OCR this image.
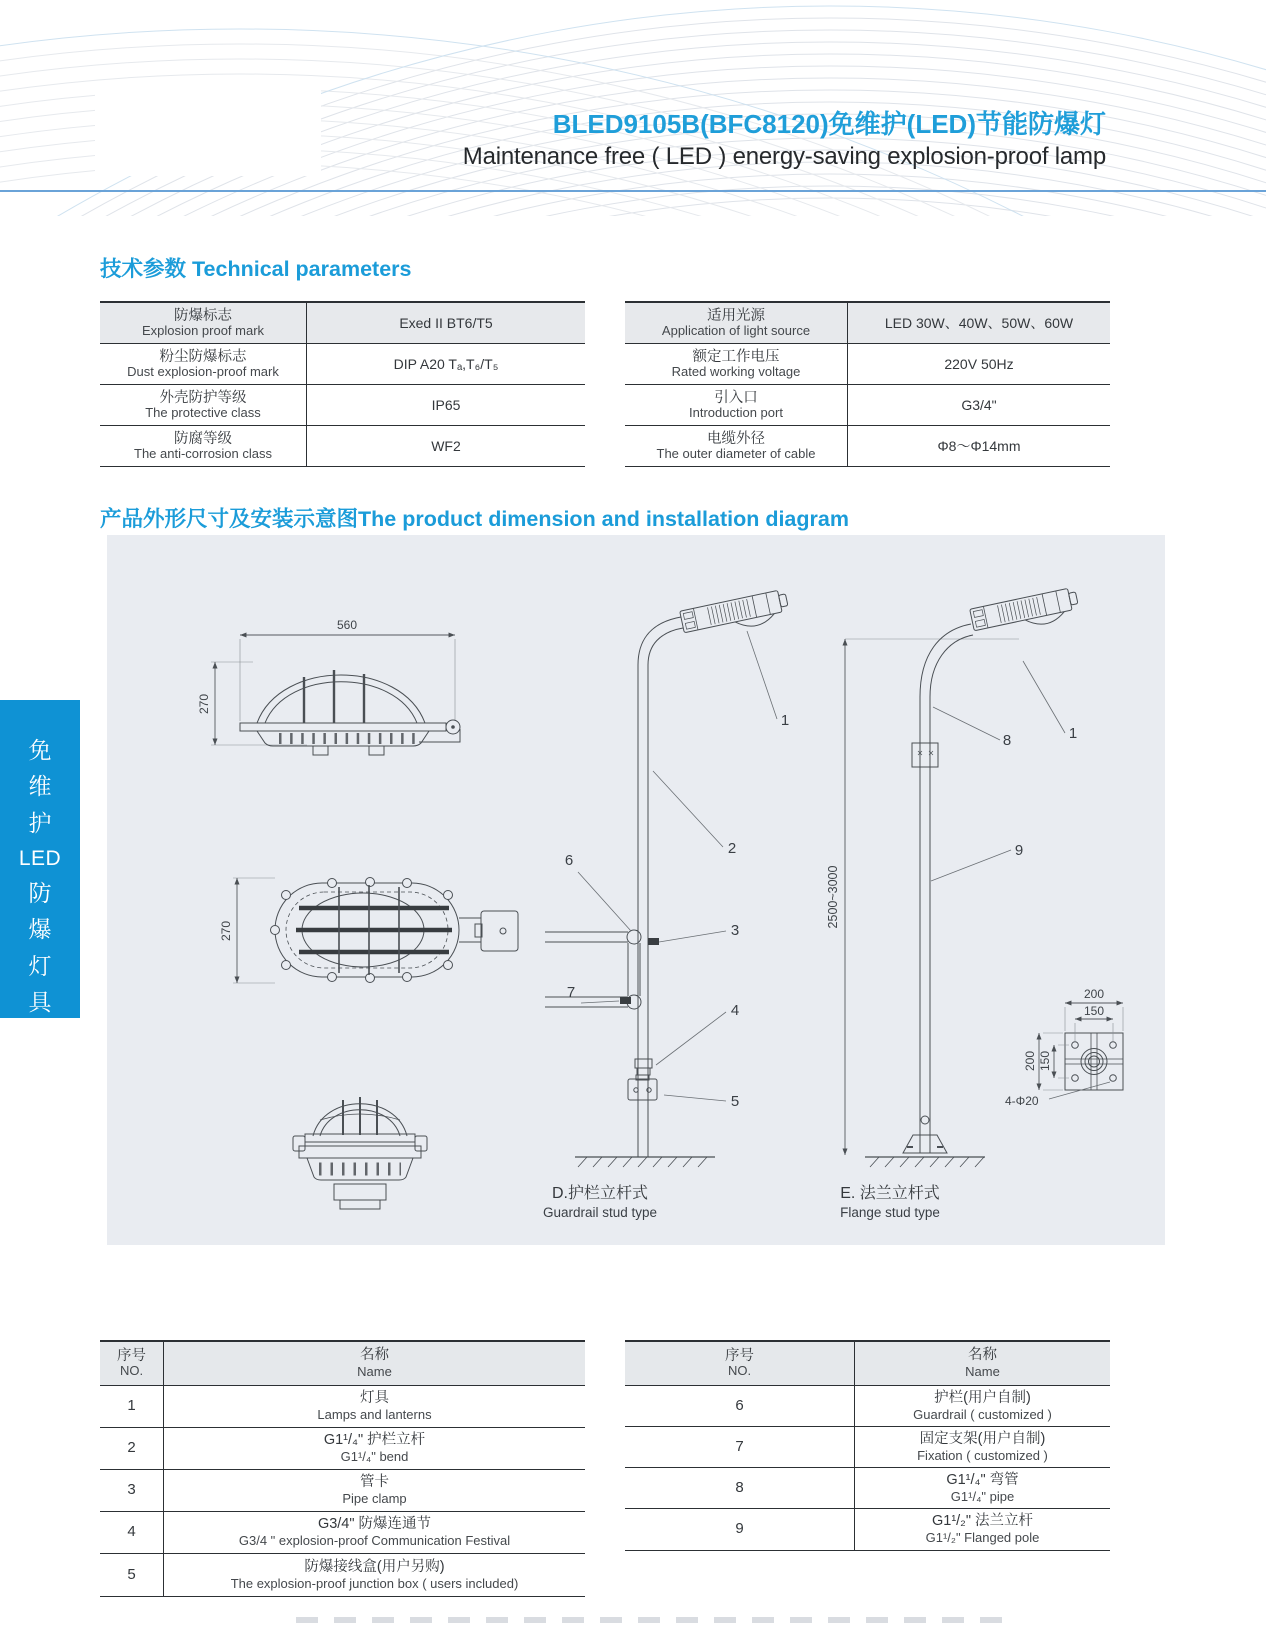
BLED9105B(BFC8120)免维护(LED)节能防爆灯
Maintenance free ( LED ) energy-saving explosion-proof lamp
技术参数 Technical parameters
防爆标志
Explosion proof mark	Exed II BT6/T5
粉尘防爆标志
Dust explosion-proof mark	DIP A20 Tₐ,T₆/T₅
外壳防护等级
The protective class	IP65
防腐等级
The anti-corrosion class	WF2
适用光源
Application of light source	LED 30W、40W、50W、60W
额定工作电压
Rated working voltage	220V 50Hz
引入口
Introduction port	G3/4"
电缆外径
The outer diameter of cable	Φ8～Φ14mm
产品外形尺寸及安装示意图The product dimension and installation diagram
560
270
270
1
2
3
4
5
6
7
D.护栏立杆式
Guardrail stud type
8	1
9
2500~3000
E. 法兰立杆式
Flange stud type
200
150
200 150
4-Φ20
免
维
护
LED
防
爆
灯
具
序号
NO.
名称
Name
1	灯具
Lamps and lanterns
2	G1¹/₄" 护栏立杆
G1¹/₄" bend
3	管卡
Pipe clamp
4	G3/4" 防爆连通节
G3/4 " explosion-proof Communication Festival
5	防爆接线盒(用户另购)
The explosion-proof junction box ( users included)
序号
NO.
名称
Name
6	护栏(用户自制)
Guardrail ( customized )
7	固定支架(用户自制)
Fixation ( customized )
8	G1¹/₄" 弯管
G1¹/₄" pipe
9	G1¹/₂" 法兰立杆
G1¹/₂" Flanged pole
